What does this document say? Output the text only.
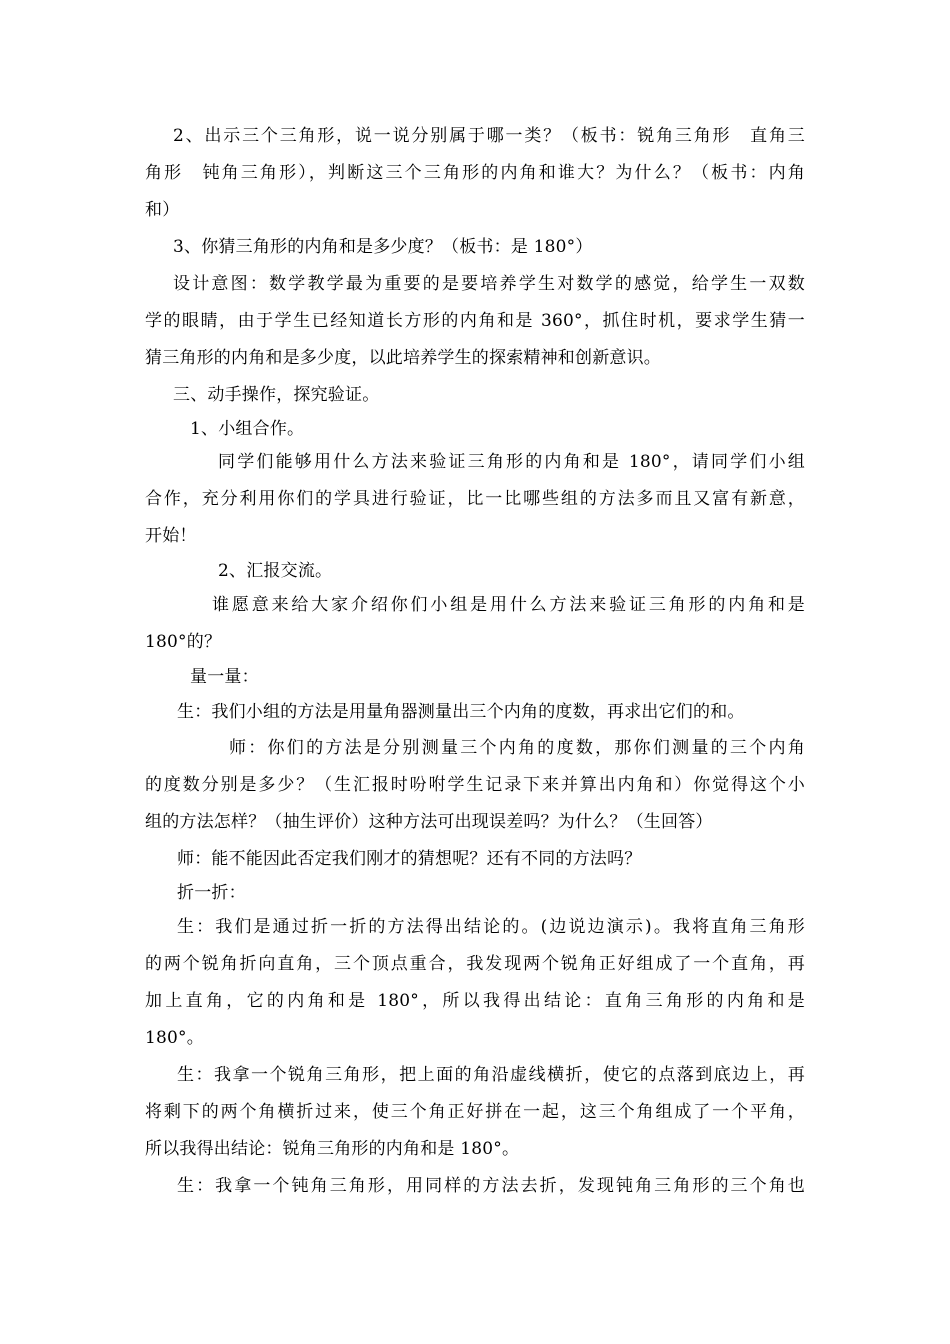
2、出示三个三角形，说一说分别属于哪一类？（板书：锐角三角形　直角三
角形　钝角三角形），判断这三个三角形的内角和谁大？为什么？（板书：内角
和）
3、你猜三角形的内角和是多少度？（板书：是 180°）
设计意图：数学教学最为重要的是要培养学生对数学的感觉，给学生一双数
学的眼睛，由于学生已经知道长方形的内角和是 360°，抓住时机，要求学生猜一
猜三角形的内角和是多少度，以此培养学生的探索精神和创新意识。
三、动手操作，探究验证。
1、小组合作。
同学们能够用什么方法来验证三角形的内角和是 180°，请同学们小组
合作，充分利用你们的学具进行验证，比一比哪些组的方法多而且又富有新意，
开始！
2、汇报交流。
谁愿意来给大家介绍你们小组是用什么方法来验证三角形的内角和是
180°的？
量一量：
生：我们小组的方法是用量角器测量出三个内角的度数，再求出它们的和。
师：你们的方法是分别测量三个内角的度数，那你们测量的三个内角
的度数分别是多少？（生汇报时吩咐学生记录下来并算出内角和）你觉得这个小
组的方法怎样？（抽生评价）这种方法可出现误差吗？为什么？（生回答）
师：能不能因此否定我们刚才的猜想呢？还有不同的方法吗？
折一折：
生：我们是通过折一折的方法得出结论的。(边说边演示)。我将直角三角形
的两个锐角折向直角，三个顶点重合，我发现两个锐角正好组成了一个直角，再
加上直角，它的内角和是 180°，所以我得出结论：直角三角形的内角和是
180°。
生：我拿一个锐角三角形，把上面的角沿虚线横折，使它的点落到底边上，再
将剩下的两个角横折过来，使三个角正好拼在一起，这三个角组成了一个平角，
所以我得出结论：锐角三角形的内角和是 180°。
生：我拿一个钝角三角形，用同样的方法去折，发现钝角三角形的三个角也
